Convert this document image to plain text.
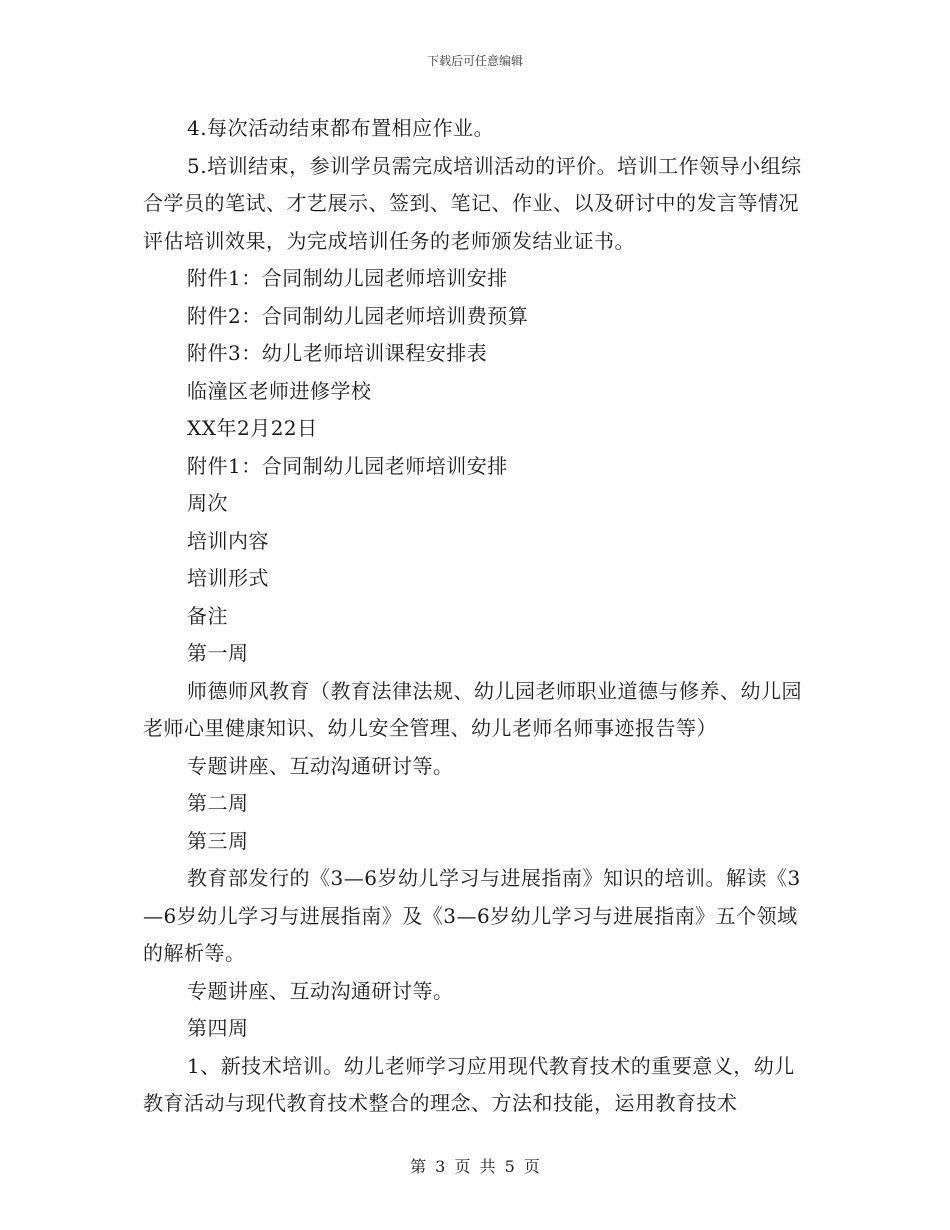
下载后可任意编辑

4.每次活动结束都布置相应作业。

5.培训结束，参训学员需完成培训活动的评价。培训工作领导小组综合学员的笔试、才艺展示、签到、笔记、作业、以及研讨中的发言等情况评估培训效果，为完成培训任务的老师颁发结业证书。

附件1：合同制幼儿园老师培训安排

附件2：合同制幼儿园老师培训费预算

附件3：幼儿老师培训课程安排表

临潼区老师进修学校

XX年2月22日

附件1：合同制幼儿园老师培训安排

周次

培训内容

培训形式

备注

第一周

师德师风教育（教育法律法规、幼儿园老师职业道德与修养、幼儿园老师心里健康知识、幼儿安全管理、幼儿老师名师事迹报告等）

专题讲座、互动沟通研讨等。

第二周

第三周

教育部发行的《3—6岁幼儿学习与进展指南》知识的培训。解读《3—6岁幼儿学习与进展指南》及《3—6岁幼儿学习与进展指南》五个领域的解析等。

专题讲座、互动沟通研讨等。

第四周

1、新技术培训。幼儿老师学习应用现代教育技术的重要意义，幼儿教育活动与现代教育技术整合的理念、方法和技能，运用教育技术

第 3 页 共 5 页
